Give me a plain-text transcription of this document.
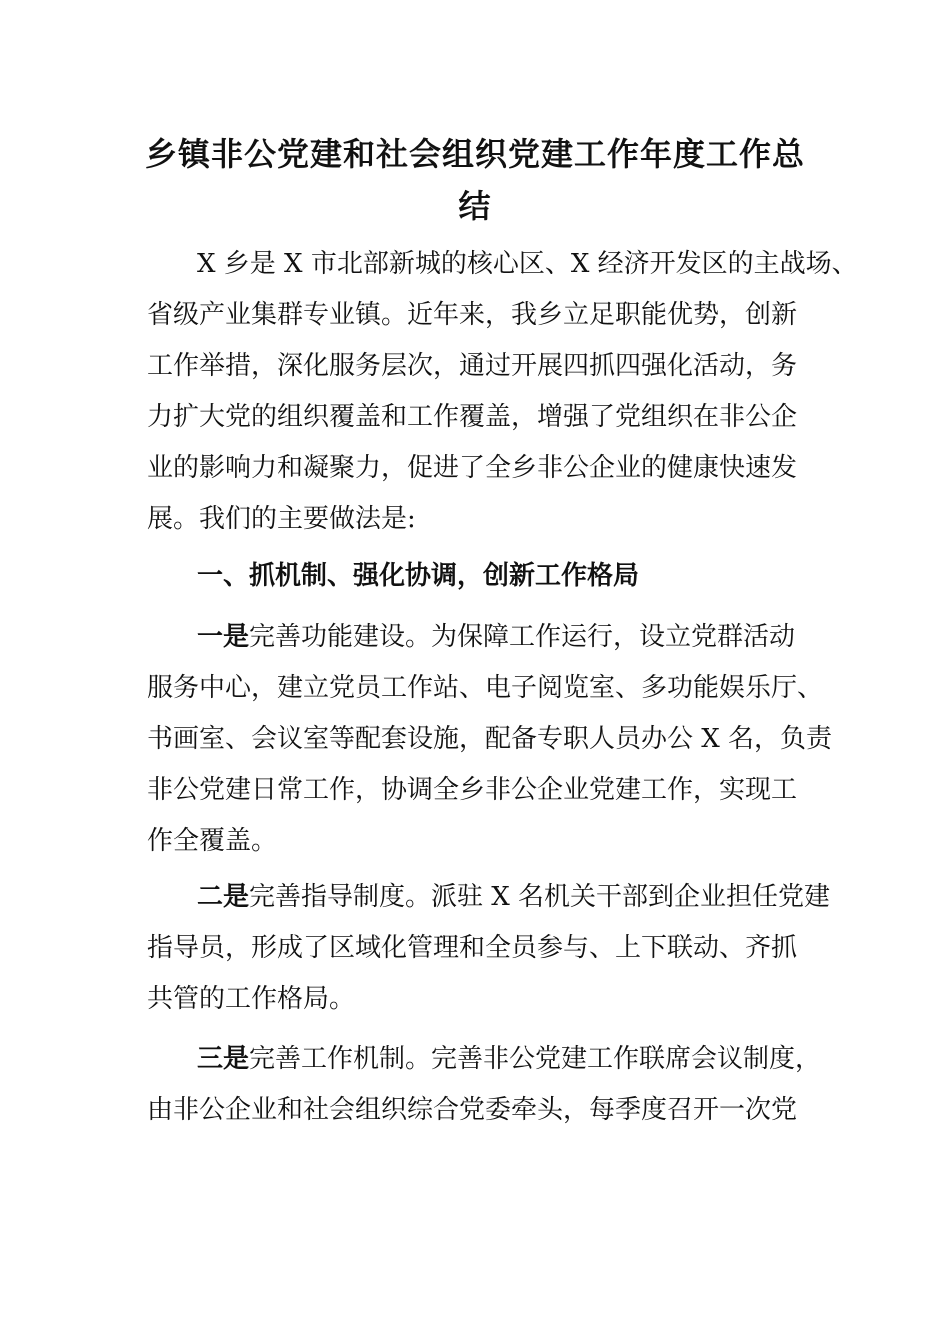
乡镇非公党建和社会组织党建工作年度工作总
结

X 乡是 X 市北部新城的核心区、X 经济开发区的主战场、

省级产业集群专业镇。近年来，我乡立足职能优势，创新

工作举措，深化服务层次，通过开展四抓四强化活动，务

力扩大党的组织覆盖和工作覆盖，增强了党组织在非公企

业的影响力和凝聚力，促进了全乡非公企业的健康快速发

展。我们的主要做法是:

一、抓机制、强化协调，创新工作格局

一是完善功能建设。为保障工作运行，设立党群活动

服务中心，建立党员工作站、电子阅览室、多功能娱乐厅、

书画室、会议室等配套设施，配备专职人员办公 X 名，负责

非公党建日常工作，协调全乡非公企业党建工作，实现工

作全覆盖。

二是完善指导制度。派驻 X 名机关干部到企业担任党建

指导员，形成了区域化管理和全员参与、上下联动、齐抓

共管的工作格局。

三是完善工作机制。完善非公党建工作联席会议制度，

由非公企业和社会组织综合党委牵头，每季度召开一次党
